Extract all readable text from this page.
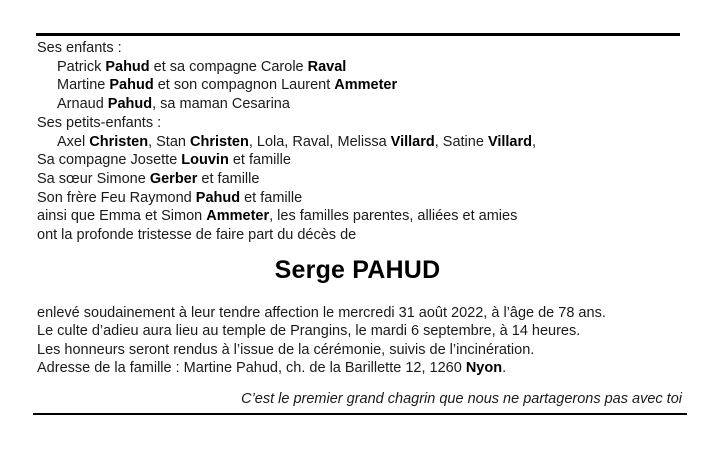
Ses enfants :
Patrick Pahud et sa compagne Carole Raval
Martine Pahud et son compagnon Laurent Ammeter
Arnaud Pahud, sa maman Cesarina
Ses petits-enfants :
Axel Christen, Stan Christen, Lola, Raval, Melissa Villard, Satine Villard,
Sa compagne Josette Louvin et famille
Sa sœur Simone Gerber et famille
Son frère Feu Raymond Pahud et famille
ainsi que Emma et Simon Ammeter, les familles parentes, alliées et amies
ont la profonde tristesse de faire part du décès de
Serge PAHUD
enlevé soudainement à leur tendre affection le mercredi 31 août 2022, à l’âge de 78 ans.
Le culte d’adieu aura lieu au temple de Prangins, le mardi 6 septembre, à 14 heures.
Les honneurs seront rendus à l’issue de la cérémonie, suivis de l’incinération.
Adresse de la famille : Martine Pahud, ch. de la Barillette 12, 1260 Nyon.
C’est le premier grand chagrin que nous ne partagerons pas avec toi
